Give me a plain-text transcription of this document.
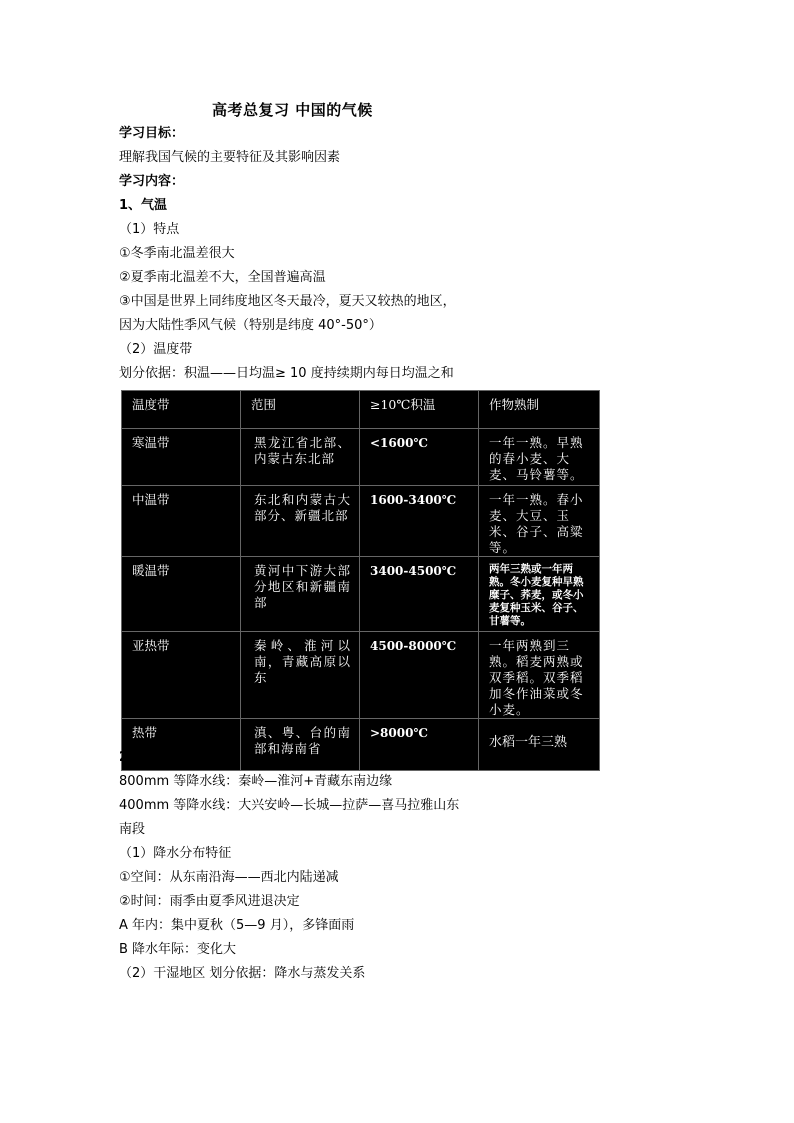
高考总复习 中国的气候
学习目标：
理解我国气候的主要特征及其影响因素
学习内容：
1、气温
（1）特点
①冬季南北温差很大
②夏季南北温差不大，全国普遍高温
③中国是世界上同纬度地区冬天最冷，夏天又较热的地区，
因为大陆性季风气候（特别是纬度 40°-50°）
（2）温度带
划分依据：积温——日均温≥ 10 度持续期内每日均温之和
温度带	范围	≥10℃积温	作物熟制

寒温带	黑龙江省北部、内蒙古东北部	<1600℃	一年一熟。早熟的春小麦、大麦、马铃薯等。

中温带	东北和内蒙古大部分、新疆北部	1600-3400℃	一年一熟。春小麦、大豆、玉米、谷子、高粱等。

暖温带	黄河中下游大部分地区和新疆南部	3400-4500℃	两年三熟或一年两熟。冬小麦复种早熟糜子、荞麦，或冬小麦复种玉米、谷子、甘薯等。

亚热带	秦岭、淮河以南，青藏高原以东	4500-8000℃	一年两熟到三熟。稻麦两熟或双季稻。双季稻加冬作油菜或冬小麦。

热带	滇、粤、台的南部和海南省	>8000℃	水稻一年三熟
2、降水
800mm 等降水线：秦岭—淮河+青藏东南边缘
400mm 等降水线：大兴安岭—长城—拉萨—喜马拉雅山东
南段
（1）降水分布特征
①空间：从东南沿海——西北内陆递减
②时间：雨季由夏季风进退决定
A 年内：集中夏秋（5—9 月），多锋面雨
B 降水年际：变化大
（2）干湿地区 划分依据：降水与蒸发关系
